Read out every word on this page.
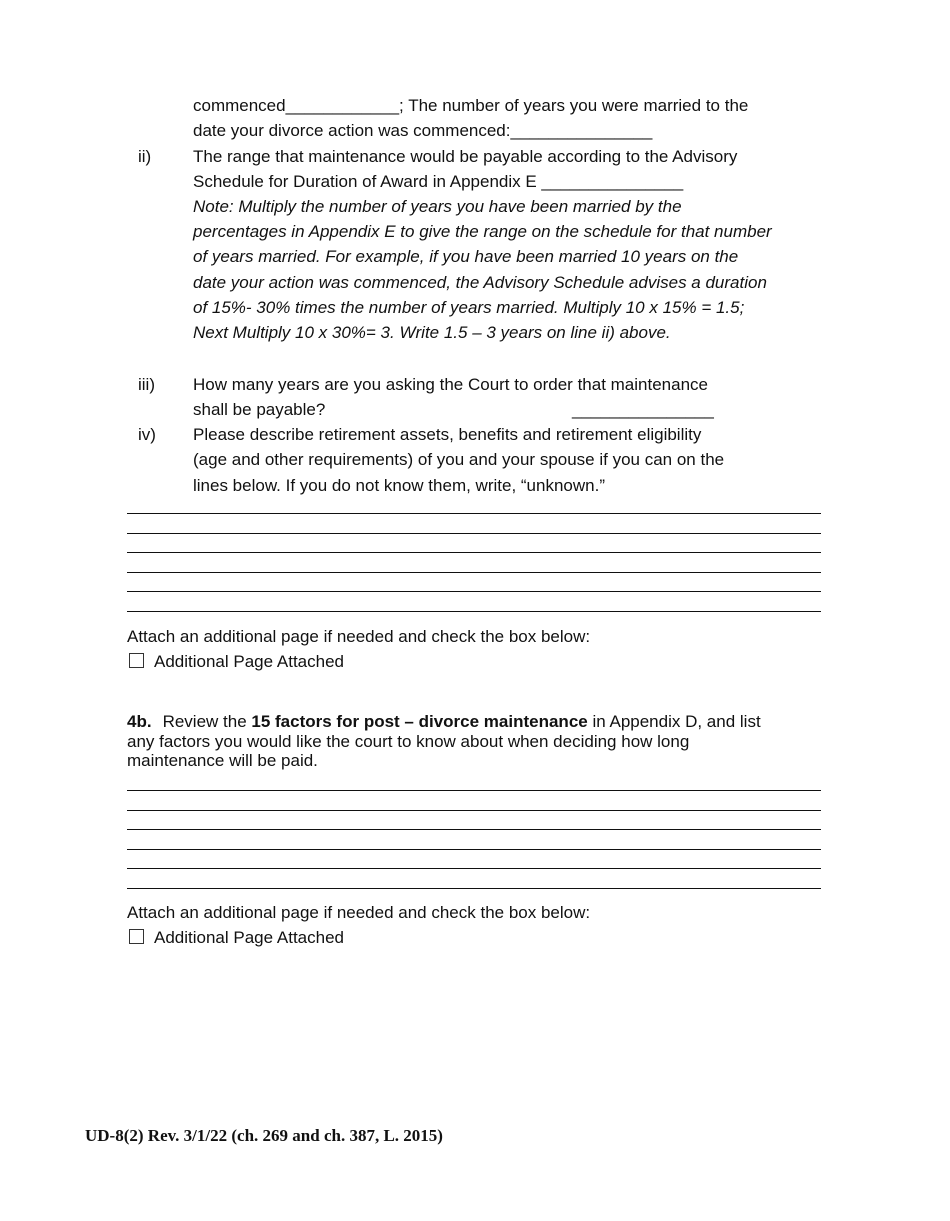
commenced____________; The number of years you were married to the
date your divorce action was commenced:_______________
ii) The range that maintenance would be payable according to the Advisory
Schedule for Duration of Award in Appendix E _______________
Note: Multiply the number of years you have been married by the
percentages in Appendix E to give the range on the schedule for that number
of years married. For example, if you have been married 10 years on the
date your action was commenced, the Advisory Schedule advises a duration
of 15%- 30% times the number of years married. Multiply 10 x 15% = 1.5;
Next Multiply 10 x 30%= 3. Write 1.5 – 3 years on line ii) above.
iii) How many years are you asking the Court to order that maintenance
shall be payable?	_______________
iv) Please describe retirement assets, benefits and retirement eligibility
(age and other requirements) of you and your spouse if you can on the
lines below. If you do not know them, write, “unknown.”
Attach an additional page if needed and check the box below:
Additional Page Attached
4b. Review the 15 factors for post – divorce maintenance in Appendix D, and list
any factors you would like the court to know about when deciding how long
maintenance will be paid.
Attach an additional page if needed and check the box below:
Additional Page Attached
UD-8(2) Rev. 3/1/22 (ch. 269 and ch. 387, L. 2015)
